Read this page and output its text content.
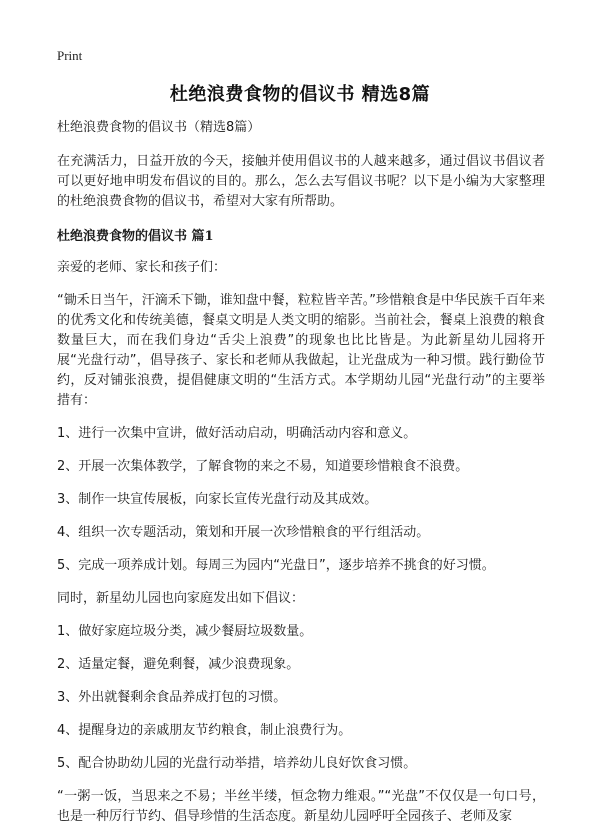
Print
杜绝浪费食物的倡议书 精选8篇

杜绝浪费食物的倡议书（精选8篇）

在充满活力，日益开放的今天，接触并使用倡议书的人越来越多，通过倡议书倡议者可以更好地申明发布倡议的目的。那么，怎么去写倡议书呢？以下是小编为大家整理的杜绝浪费食物的倡议书，希望对大家有所帮助。

杜绝浪费食物的倡议书 篇1

亲爱的老师、家长和孩子们：

“锄禾日当午，汗滴禾下锄，谁知盘中餐，粒粒皆辛苦。”珍惜粮食是中华民族千百年来的优秀文化和传统美德，餐桌文明是人类文明的缩影。当前社会，餐桌上浪费的粮食数量巨大，而在我们身边“舌尖上浪费”的现象也比比皆是。为此新星幼儿园将开展“光盘行动”，倡导孩子、家长和老师从我做起，让光盘成为一种习惯。践行勤俭节约，反对铺张浪费，提倡健康文明的“生活方式。本学期幼儿园“光盘行动”的主要举措有：

1、进行一次集中宣讲，做好活动启动，明确活动内容和意义。

2、开展一次集体教学，了解食物的来之不易，知道要珍惜粮食不浪费。

3、制作一块宣传展板，向家长宣传光盘行动及其成效。

4、组织一次专题活动，策划和开展一次珍惜粮食的平行组活动。

5、完成一项养成计划。每周三为园内“光盘日”，逐步培养不挑食的好习惯。

同时，新星幼儿园也向家庭发出如下倡议：

1、做好家庭垃圾分类，减少餐厨垃圾数量。

2、适量定餐，避免剩餐，减少浪费现象。

3、外出就餐剩余食品养成打包的习惯。

4、提醒身边的亲戚朋友节约粮食，制止浪费行为。

5、配合协助幼儿园的光盘行动举措，培养幼儿良好饮食习惯。

“一粥一饭，当思来之不易；半丝半缕，恒念物力维艰。”“光盘”不仅仅是一句口号，也是一种厉行节约、倡导珍惜的生活态度。新星幼儿园呼吁全园孩子、老师及家
